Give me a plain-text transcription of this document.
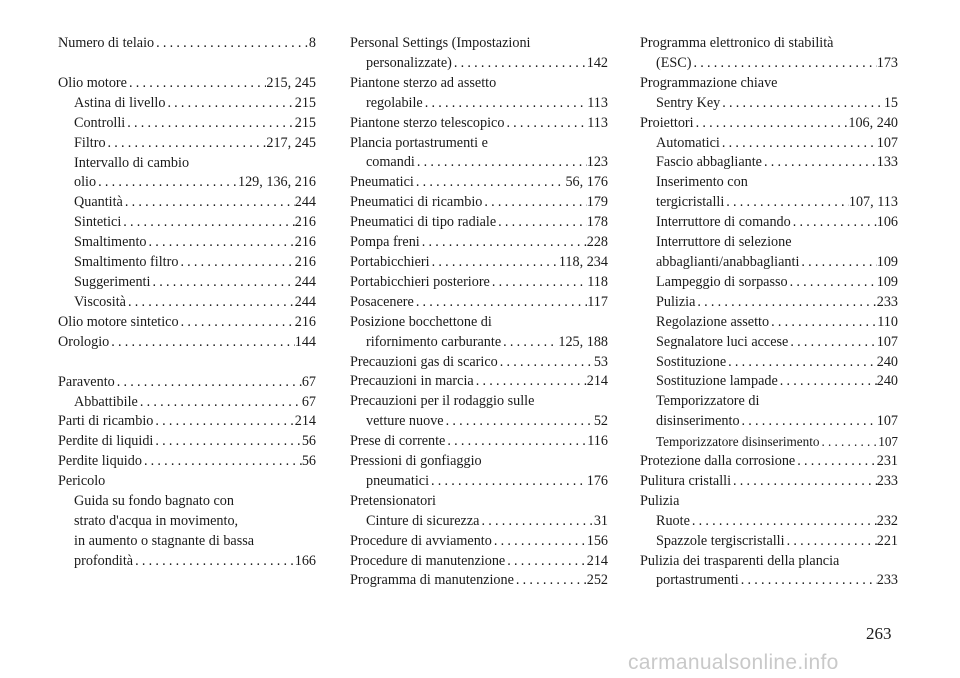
Numero di telaio .....	8
Olio motore .....	215, 245
Astina di livello .....	215
Controlli .....	215
Filtro .....	217, 245
Intervallo di cambio
olio .....	129, 136, 216
Quantità .....	244
Sintetici .....	216
Smaltimento .....	216
Smaltimento filtro .....	216
Suggerimenti .....	244
Viscosità .....	244
Olio motore sintetico .....	216
Orologio .....	144
Paravento .....	67
Abbattibile .....	67
Parti di ricambio .....	214
Perdite di liquidi .....	56
Perdite liquido .....	56
Pericolo
Guida su fondo bagnato con
strato d'acqua in movimento,
in aumento o stagnante di bassa
profondità .....	166
Personal Settings (Impostazioni
personalizzate) .....	142
Piantone sterzo ad assetto
regolabile .....	113
Piantone sterzo telescopico .....	113
Plancia portastrumenti e
comandi .....	123
Pneumatici .....	56, 176
Pneumatici di ricambio .....	179
Pneumatici di tipo radiale .....	178
Pompa freni .....	228
Portabicchieri .....	118, 234
Portabicchieri posteriore .....	118
Posacenere .....	117
Posizione bocchettone di
rifornimento carburante .....	125, 188
Precauzioni gas di scarico .....	53
Precauzioni in marcia .....	214
Precauzioni per il rodaggio sulle
vetture nuove .....	52
Prese di corrente .....	116
Pressioni di gonfiaggio
pneumatici .....	176
Pretensionatori
Cinture di sicurezza .....	31
Procedure di avviamento .....	156
Procedure di manutenzione .....	214
Programma di manutenzione .....	252
Programma elettronico di stabilità
(ESC) .....	173
Programmazione chiave
Sentry Key .....	15
Proiettori .....	106, 240
Automatici .....	107
Fascio abbagliante .....	133
Inserimento con
tergicristalli .....	107, 113
Interruttore di comando .....	106
Interruttore di selezione
abbaglianti/anabbaglianti .....	109
Lampeggio di sorpasso .....	109
Pulizia .....	233
Regolazione assetto .....	110
Segnalatore luci accese .....	107
Sostituzione .....	240
Sostituzione lampade .....	240
Temporizzatore di
disinserimento .....	107
Temporizzatore disinserimento .....	107
Protezione dalla corrosione .....	231
Pulitura cristalli .....	233
Pulizia
Ruote .....	232
Spazzole tergiscristalli .....	221
Pulizia dei trasparenti della plancia
portastrumenti .....	233
263
carmanualsonline.info
